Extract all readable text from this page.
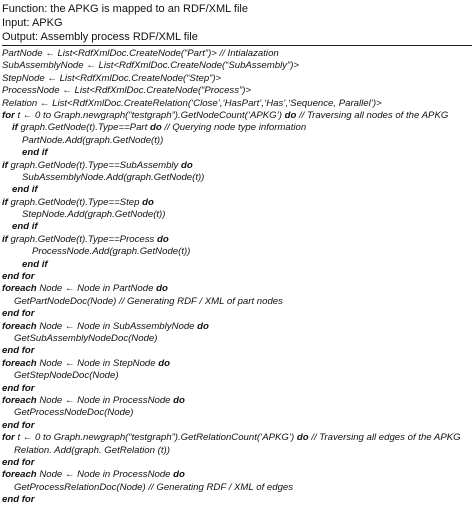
Function: the APKG is mapped to an RDF/XML file
Input: APKG
Output: Assembly process RDF/XML file
PartNode ← List<RdfXmlDoc.CreateNode(“Part”)> // Intialazation
SubAssemblyNode ← List<RdfXmlDoc.CreateNode(“SubAssembly”)>
StepNode ← List<RdfXmlDoc.CreateNode(“Step”)>
ProcessNode ← List<RdfXmlDoc.CreateNode(“Process”)>
Relation ← List<RdfXmlDoc.CreateRelation(‘Close’,‘HasPart’,‘Has’,‘Sequence, Parallel’)>
for t ← 0 to Graph.newgraph(“testgraph”).GetNodeCount(‘APKG’) do // Traversing all nodes of the APKG
if graph.GetNode(t).Type==Part do // Querying node type information
PartNode.Add(graph.GetNode(t))
end if
if graph.GetNode(t).Type==SubAssembly do
SubAssemblyNode.Add(graph.GetNode(t))
end if
if graph.GetNode(t).Type==Step do
StepNode.Add(graph.GetNode(t))
end if
if graph.GetNode(t).Type==Process do
ProcessNode.Add(graph.GetNode(t))
end if
end for
foreach Node ← Node in PartNode do
GetPartNodeDoc(Node) // Generating RDF / XML of part nodes
end for
foreach Node ← Node in SubAssemblyNode do
GetSubAssemblyNodeDoc(Node)
end for
foreach Node ← Node in StepNode do
GetStepNodeDoc(Node)
end for
foreach Node ← Node in ProcessNode do
GetProcessNodeDoc(Node)
end for
for t ← 0 to Graph.newgraph(“testgraph”).GetRelationCount(‘APKG’) do // Traversing all edges of the APKG
Relation. Add(graph. GetRelation (t))
end for
foreach Node ← Node in ProcessNode do
GetProcessRelationDoc(Node) // Generating RDF / XML of edges
end for
